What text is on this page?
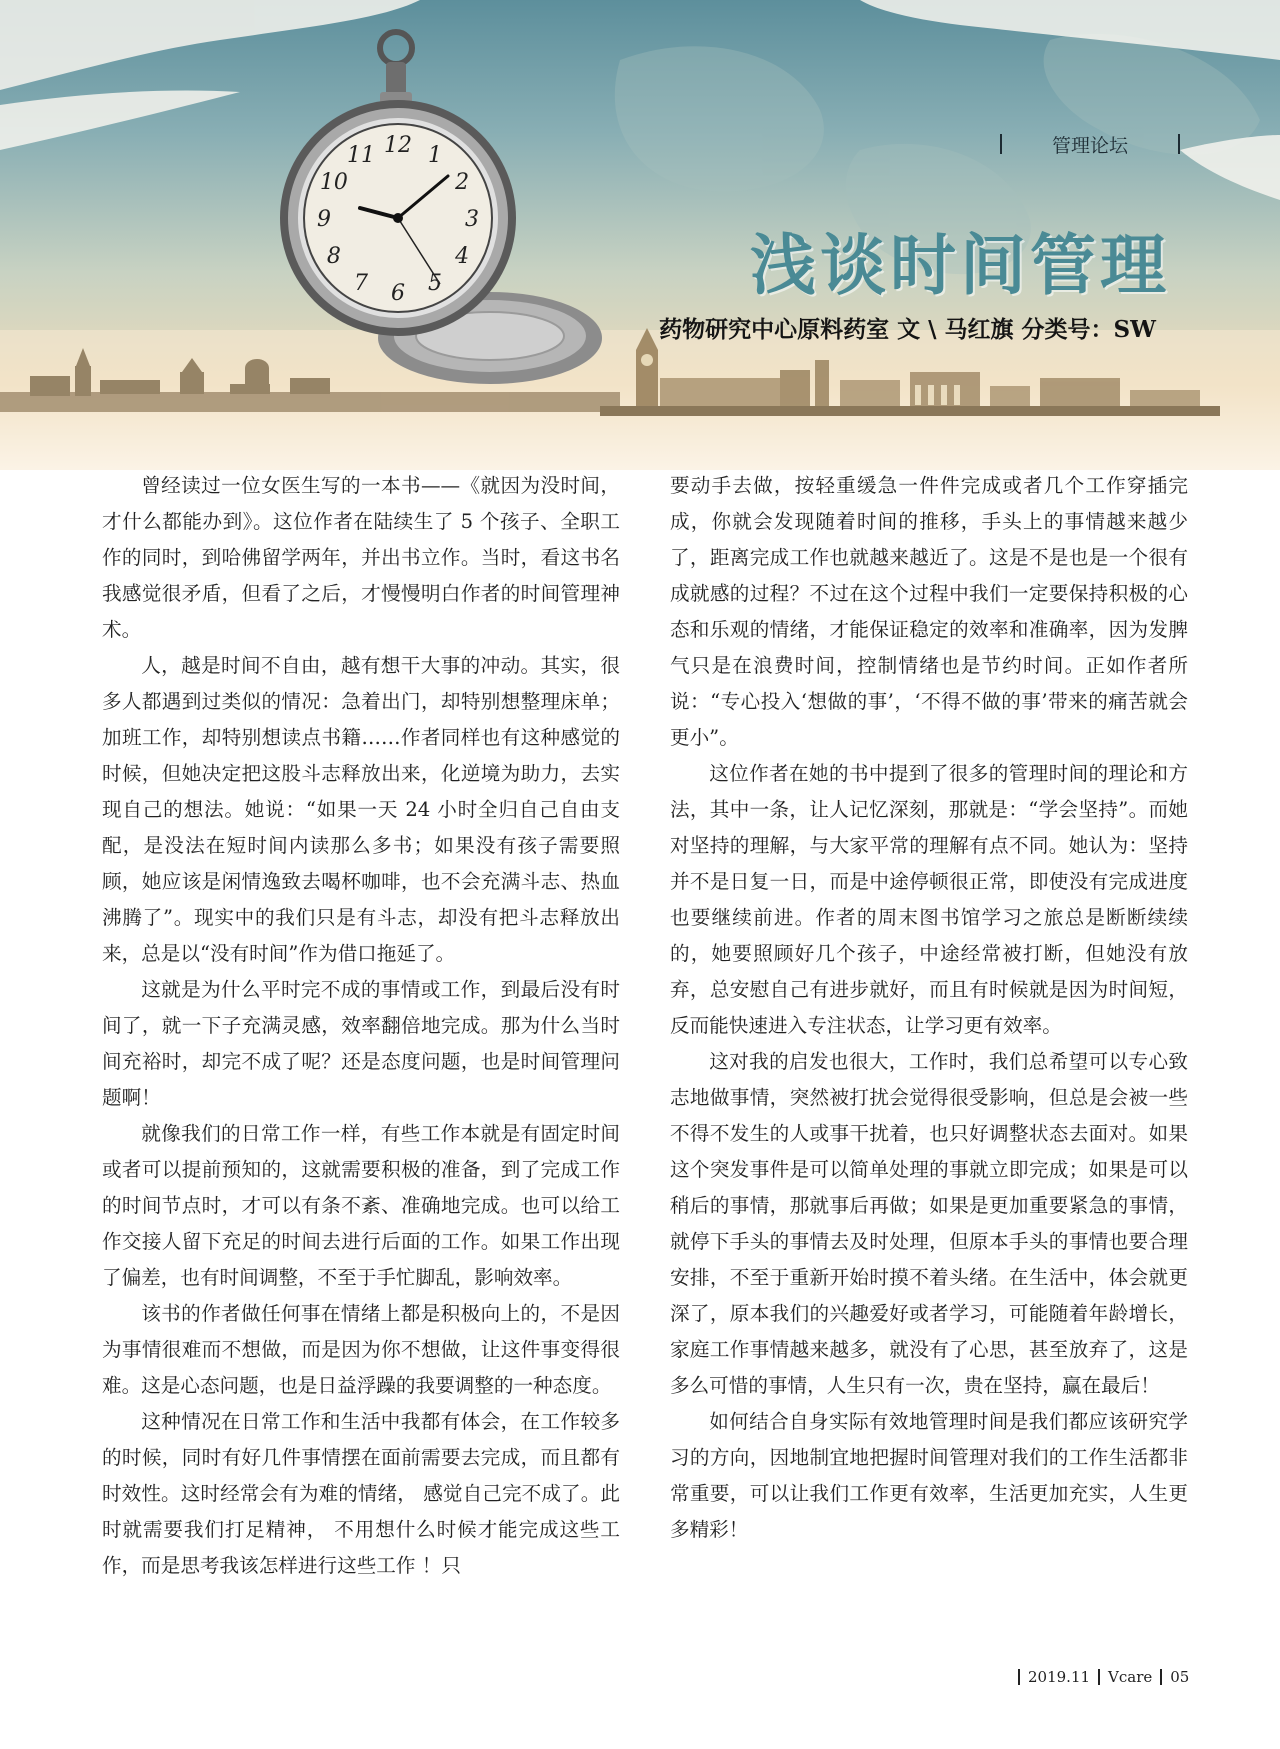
12 1
2
3
4
5
6
7
8
9
10
11	管理论坛
浅谈时间管理
药物研究中心原料药室 文 \ 马红旗 分类号：SW

曾经读过一位女医生写的一本书——《就因为没时间，才什么都能办到》。这位作者在陆续生了 5 个孩子、全职工作的同时，到哈佛留学两年，并出书立作。当时，看这书名我感觉很矛盾，但看了之后，才慢慢明白作者的时间管理神术。

人，越是时间不自由，越有想干大事的冲动。其实，很多人都遇到过类似的情况：急着出门，却特别想整理床单；加班工作，却特别想读点书籍……作者同样也有这种感觉的时候，但她决定把这股斗志释放出来，化逆境为助力，去实现自己的想法。她说：“如果一天 24 小时全归自己自由支配，是没法在短时间内读那么多书；如果没有孩子需要照顾，她应该是闲情逸致去喝杯咖啡，也不会充满斗志、热血沸腾了”。现实中的我们只是有斗志，却没有把斗志释放出来，总是以“没有时间”作为借口拖延了。

这就是为什么平时完不成的事情或工作，到最后没有时间了，就一下子充满灵感，效率翻倍地完成。那为什么当时间充裕时，却完不成了呢？还是态度问题，也是时间管理问题啊！

就像我们的日常工作一样，有些工作本就是有固定时间或者可以提前预知的，这就需要积极的准备，到了完成工作的时间节点时，才可以有条不紊、准确地完成。也可以给工作交接人留下充足的时间去进行后面的工作。如果工作出现了偏差，也有时间调整，不至于手忙脚乱，影响效率。

该书的作者做任何事在情绪上都是积极向上的，不是因为事情很难而不想做，而是因为你不想做，让这件事变得很难。这是心态问题，也是日益浮躁的我要调整的一种态度。

这种情况在日常工作和生活中我都有体会，在工作较多的时候，同时有好几件事情摆在面前需要去完成，而且都有时效性。这时经常会有为难的情绪， 感觉自己完不成了。此时就需要我们打足精神， 不用想什么时候才能完成这些工作，而是思考我该怎样进行这些工作 ！只

要动手去做，按轻重缓急一件件完成或者几个工作穿插完成，你就会发现随着时间的推移，手头上的事情越来越少了，距离完成工作也就越来越近了。这是不是也是一个很有成就感的过程？不过在这个过程中我们一定要保持积极的心态和乐观的情绪，才能保证稳定的效率和准确率，因为发脾气只是在浪费时间，控制情绪也是节约时间。正如作者所说：“专心投入‘想做的事’，‘不得不做的事’带来的痛苦就会更小”。

这位作者在她的书中提到了很多的管理时间的理论和方法，其中一条，让人记忆深刻，那就是：“学会坚持”。而她对坚持的理解，与大家平常的理解有点不同。她认为：坚持并不是日复一日，而是中途停顿很正常，即使没有完成进度也要继续前进。作者的周末图书馆学习之旅总是断断续续的，她要照顾好几个孩子，中途经常被打断，但她没有放弃，总安慰自己有进步就好，而且有时候就是因为时间短，反而能快速进入专注状态，让学习更有效率。

这对我的启发也很大，工作时，我们总希望可以专心致志地做事情，突然被打扰会觉得很受影响，但总是会被一些不得不发生的人或事干扰着，也只好调整状态去面对。如果这个突发事件是可以简单处理的事就立即完成；如果是可以稍后的事情，那就事后再做；如果是更加重要紧急的事情，就停下手头的事情去及时处理，但原本手头的事情也要合理安排，不至于重新开始时摸不着头绪。在生活中，体会就更深了，原本我们的兴趣爱好或者学习，可能随着年龄增长，家庭工作事情越来越多，就没有了心思，甚至放弃了，这是多么可惜的事情，人生只有一次，贵在坚持，赢在最后！

如何结合自身实际有效地管理时间是我们都应该研究学习的方向，因地制宜地把握时间管理对我们的工作生活都非常重要，可以让我们工作更有效率，生活更加充实，人生更多精彩！

2019.11 Vcare 05
